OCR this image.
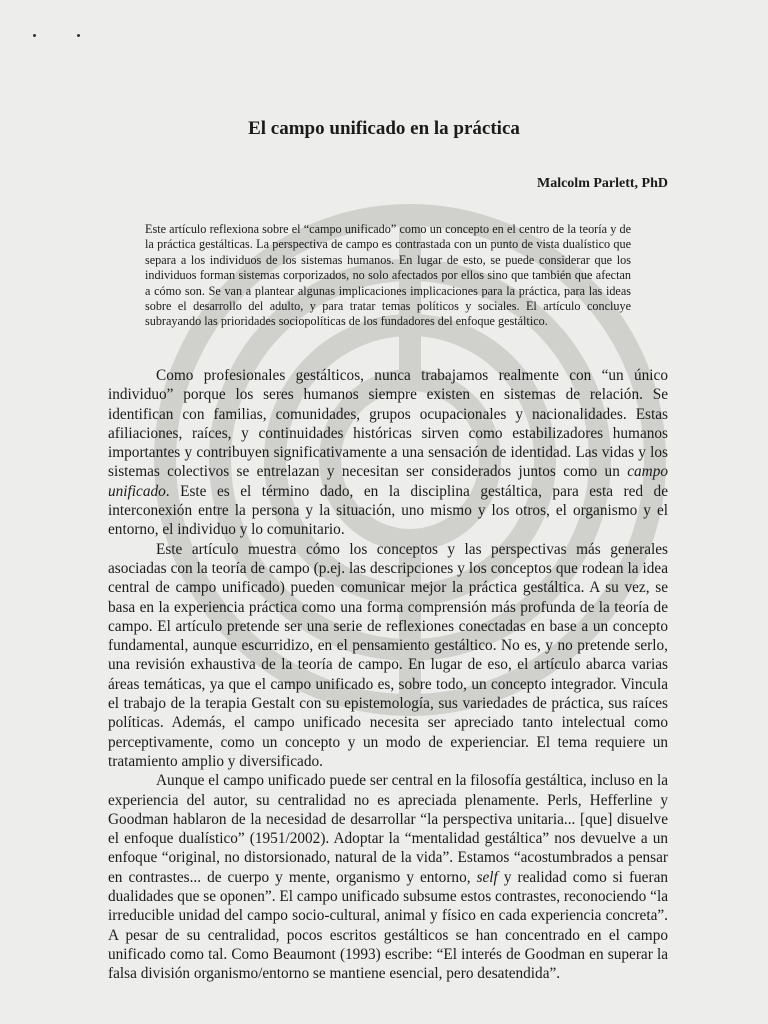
El campo unificado en la práctica

Malcolm Parlett, PhD

Este artículo reflexiona sobre el “campo unificado” como un concepto en el centro de la teoría y de la práctica gestálticas. La perspectiva de campo es contrastada con un punto de vista dualístico que separa a los individuos de los sistemas humanos. En lugar de esto, se puede considerar que los individuos forman sistemas corporizados, no solo afectados por ellos sino que también que afectan a cómo son. Se van a plantear algunas implicaciones implicaciones para la práctica, para las ideas sobre el desarrollo del adulto, y para tratar temas políticos y sociales. El artículo concluye subrayando las prioridades sociopolíticas de los fundadores del enfoque gestáltico.

Como profesionales gestálticos, nunca trabajamos realmente con “un único individuo” porque los seres humanos siempre existen en sistemas de relación. Se identifican con familias, comunidades, grupos ocupacionales y nacionalidades. Estas afiliaciones, raíces, y continuidades históricas sirven como estabilizadores humanos importantes y contribuyen significativamente a una sensación de identidad. Las vidas y los sistemas colectivos se entrelazan y necesitan ser considerados juntos como un campo unificado. Este es el término dado, en la disciplina gestáltica, para esta red de interconexión entre la persona y la situación, uno mismo y los otros, el organismo y el entorno, el individuo y lo comunitario.

Este artículo muestra cómo los conceptos y las perspectivas más generales asociadas con la teoría de campo (p.ej. las descripciones y los conceptos que rodean la idea central de campo unificado) pueden comunicar mejor la práctica gestáltica. A su vez, se basa en la experiencia práctica como una forma comprensión más profunda de la teoría de campo. El artículo pretende ser una serie de reflexiones conectadas en base a un concepto fundamental, aunque escurridizo, en el pensamiento gestáltico. No es, y no pretende serlo, una revisión exhaustiva de la teoría de campo. En lugar de eso, el artículo abarca varias áreas temáticas, ya que el campo unificado es, sobre todo, un concepto integrador. Vincula el trabajo de la terapia Gestalt con su epistemología, sus variedades de práctica, sus raíces políticas. Además, el campo unificado necesita ser apreciado tanto intelectual como perceptivamente, como un concepto y un modo de experienciar. El tema requiere un tratamiento amplio y diversificado.

Aunque el campo unificado puede ser central en la filosofía gestáltica, incluso en la experiencia del autor, su centralidad no es apreciada plenamente. Perls, Hefferline y Goodman hablaron de la necesidad de desarrollar “la perspectiva unitaria... [que] disuelve el enfoque dualístico” (1951/2002). Adoptar la “mentalidad gestáltica” nos devuelve a un enfoque “original, no distorsionado, natural de la vida”. Estamos “acostumbrados a pensar en contrastes... de cuerpo y mente, organismo y entorno, self y realidad como si fueran dualidades que se oponen”. El campo unificado subsume estos contrastes, reconociendo “la irreducible unidad del campo socio-cultural, animal y físico en cada experiencia concreta”. A pesar de su centralidad, pocos escritos gestálticos se han concentrado en el campo unificado como tal. Como Beaumont (1993) escribe: “El interés de Goodman en superar la falsa división organismo/entorno se mantiene esencial, pero desatendida”.
